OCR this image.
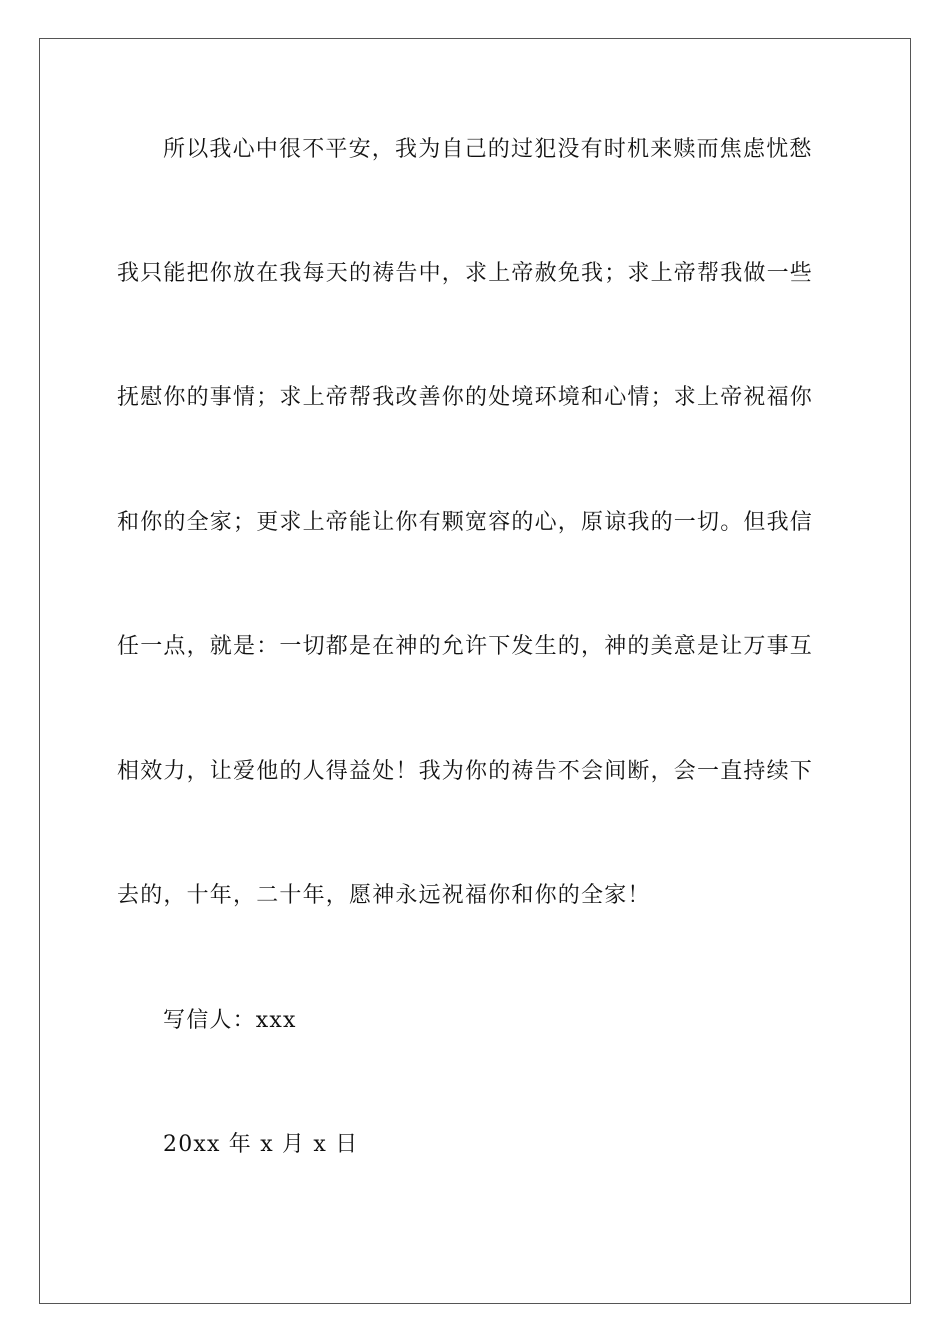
所以我心中很不平安，我为自己的过犯没有时机来赎而焦虑忧愁
我只能把你放在我每天的祷告中，求上帝赦免我；求上帝帮我做一些
抚慰你的事情；求上帝帮我改善你的处境环境和心情；求上帝祝福你
和你的全家；更求上帝能让你有颗宽容的心，原谅我的一切。但我信
任一点，就是：一切都是在神的允许下发生的，神的美意是让万事互
相效力，让爱他的人得益处！我为你的祷告不会间断，会一直持续下
去的，十年，二十年，愿神永远祝福你和你的全家！
写信人：xxx
20xx 年 x 月 x 日
